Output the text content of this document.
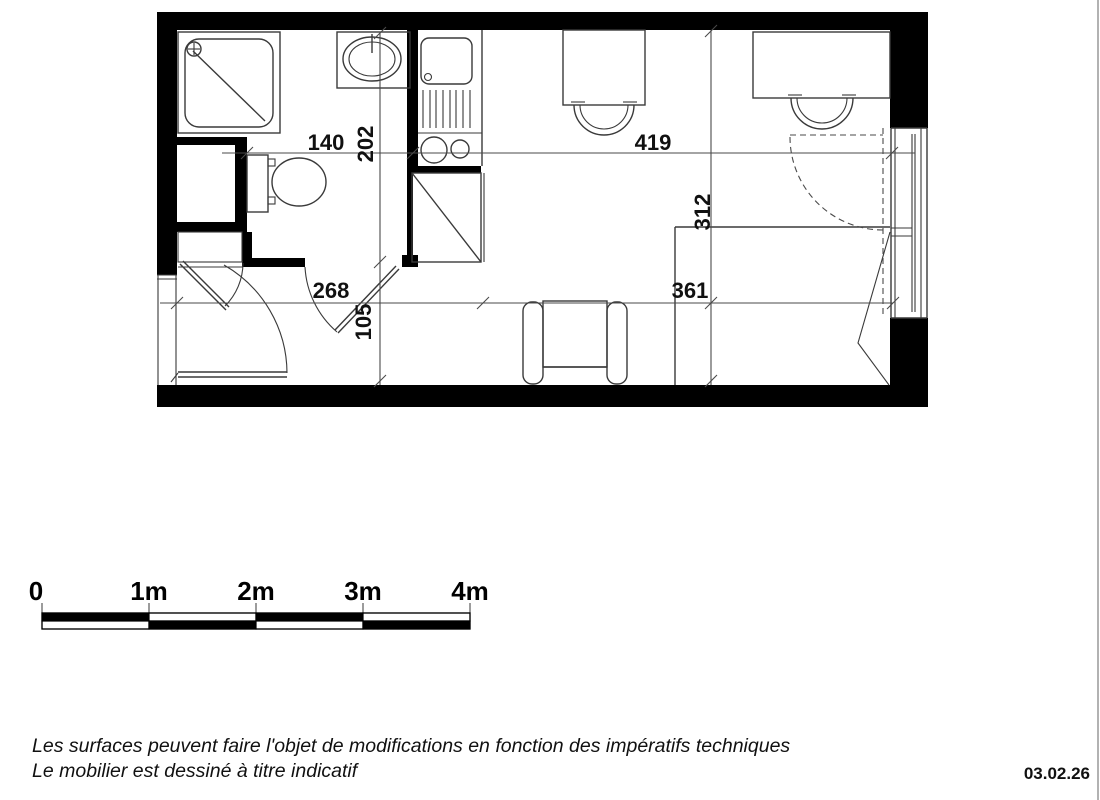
140 202	419
312
268
105
361
0	1m	2m	3m	4m
Les surfaces peuvent faire l'objet de modifications en fonction des impératifs techniques
Le mobilier est dessiné à titre indicatif	03.02.26
